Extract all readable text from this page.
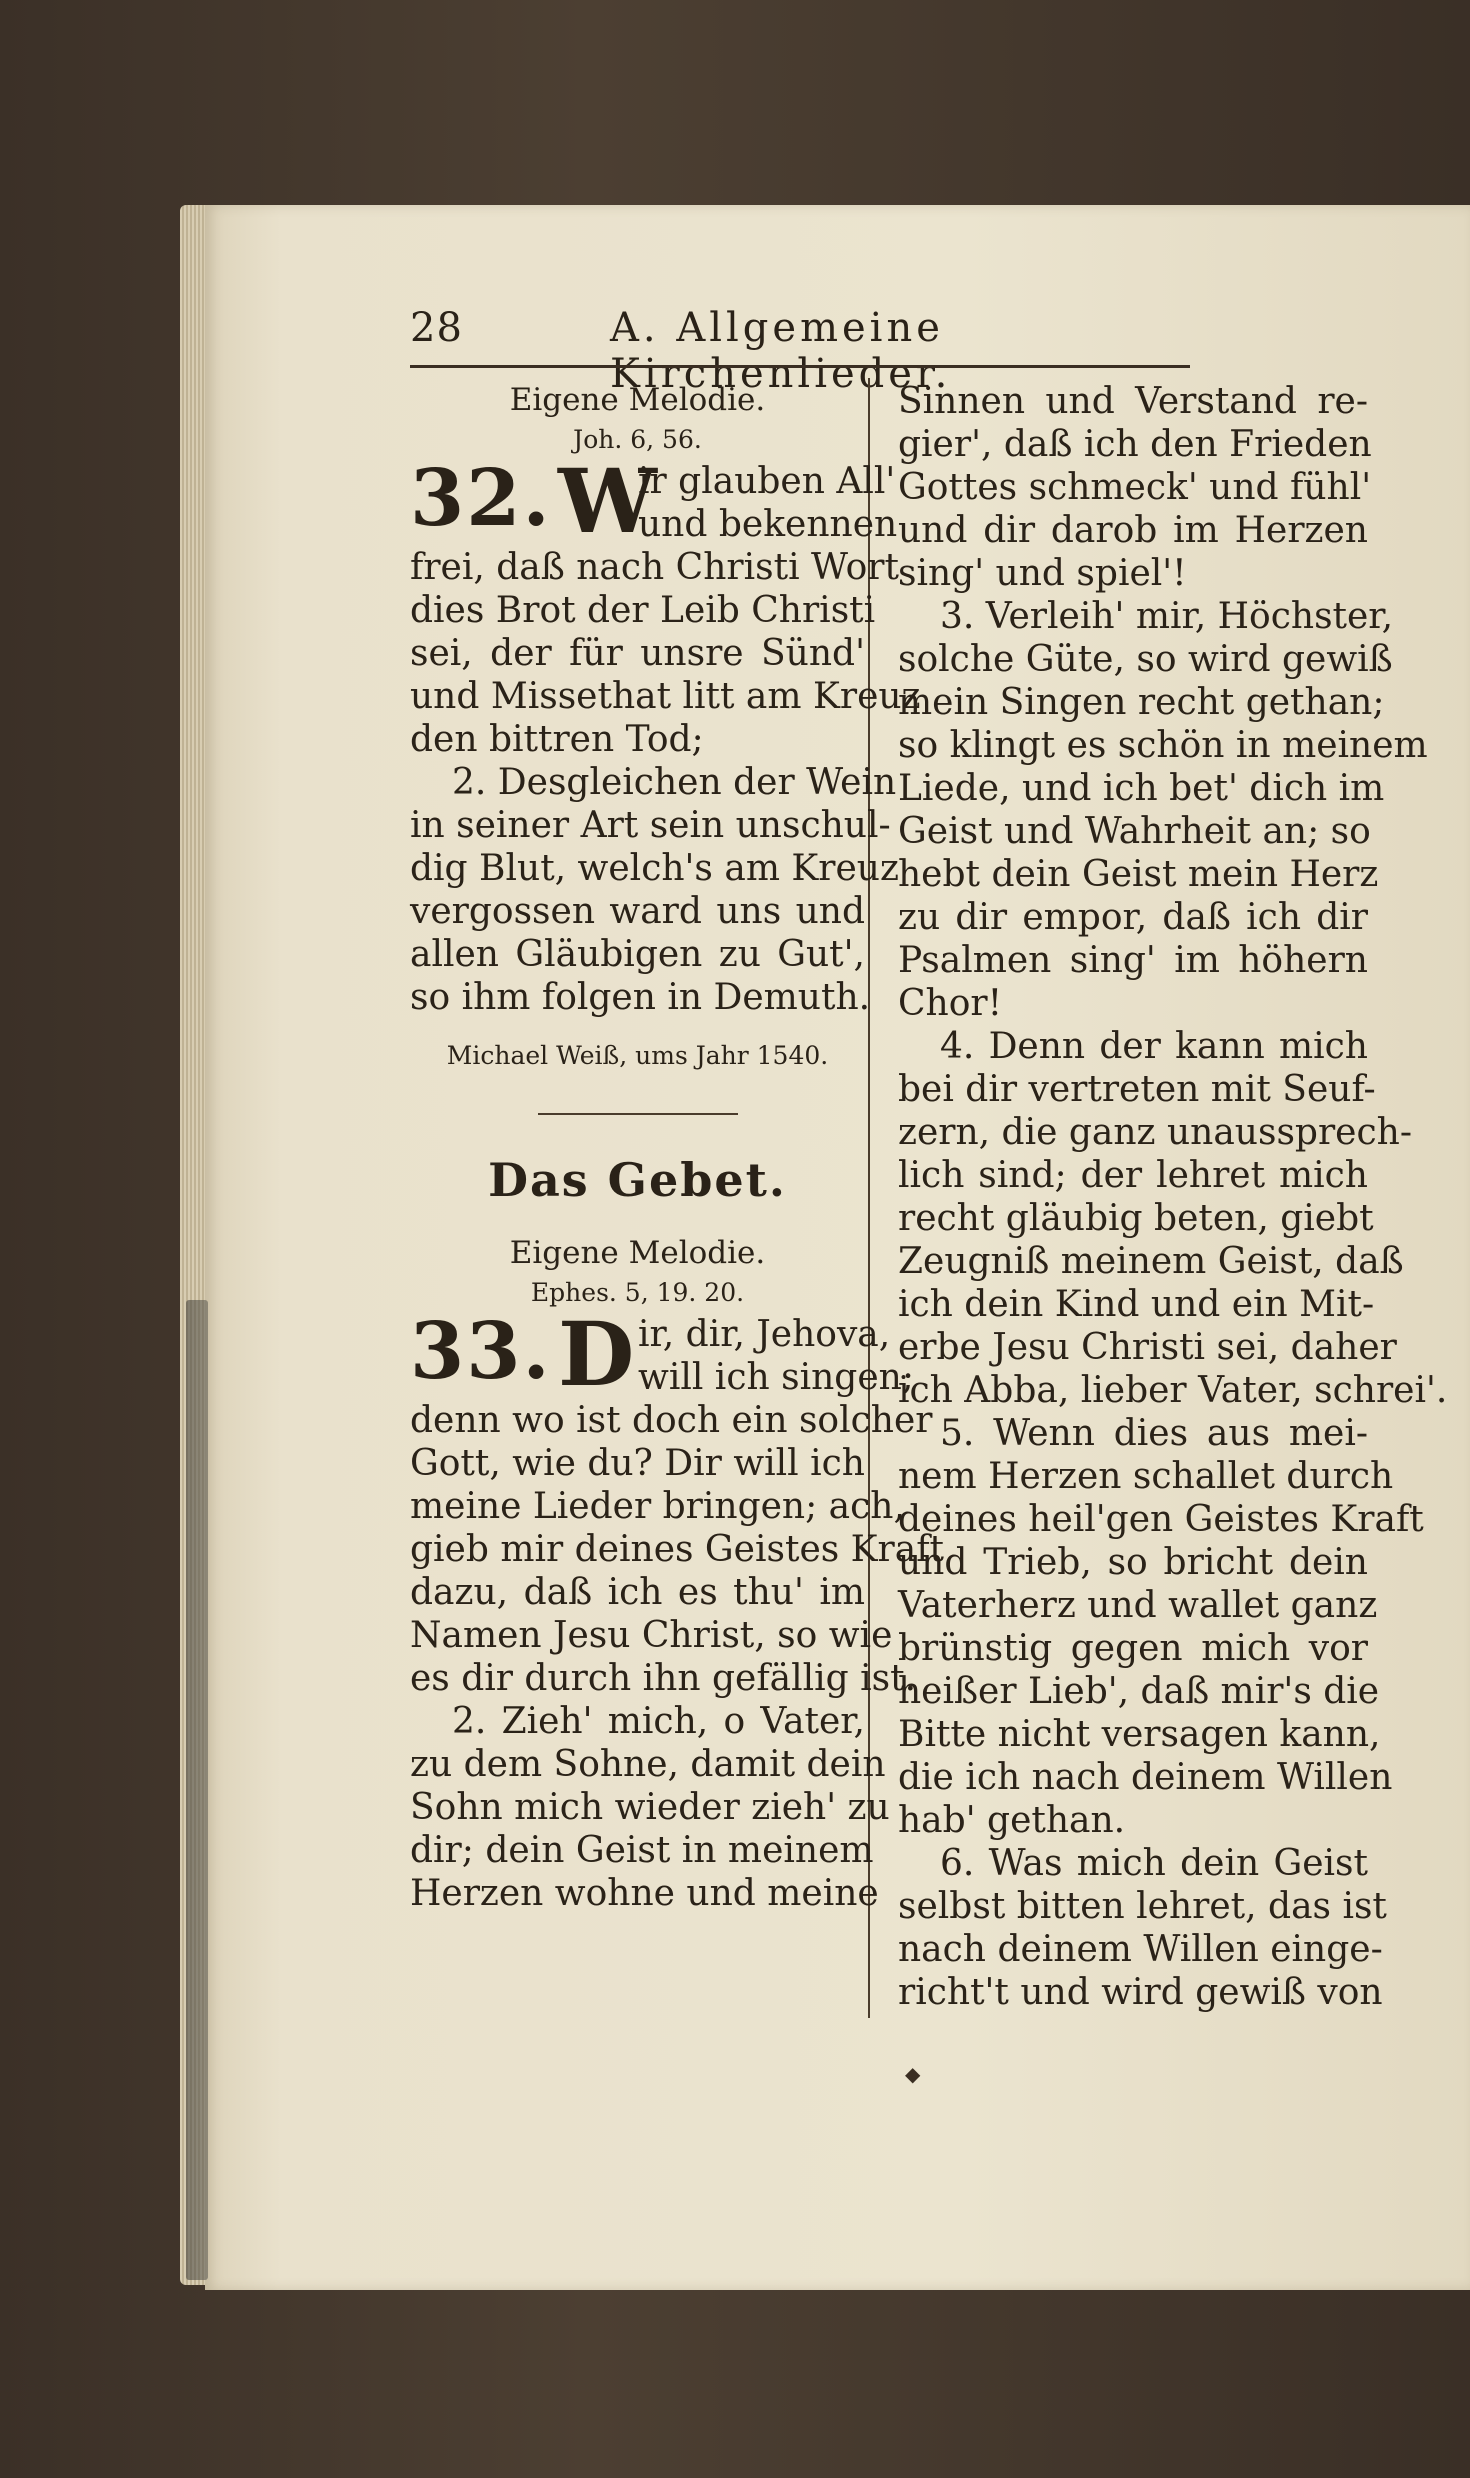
28	A. Allgemeine Kirchenlieder.
Eigene Melodie.
Joh. 6, 56.
32. W
ir glauben All'
und bekennen
frei, daß nach Christi Wort
dies Brot der Leib Christi
sei, der für unsre Sünd'
und Missethat litt am Kreuz
den bittren Tod;
2. Desgleichen der Wein
in seiner Art sein unschul-
dig Blut, welch's am Kreuz
vergossen ward uns und
allen Gläubigen zu Gut',
so ihm folgen in Demuth.
Michael Weiß, ums Jahr 1540.
Das Gebet.
Eigene Melodie.
Ephes. 5, 19. 20.
33. D ir, dir, Jehova,
will ich singen;
denn wo ist doch ein solcher
Gott, wie du? Dir will ich
meine Lieder bringen; ach,
gieb mir deines Geistes Kraft
dazu, daß ich es thu' im
Namen Jesu Christ, so wie
es dir durch ihn gefällig ist.
2. Zieh' mich, o Vater,
zu dem Sohne, damit dein
Sohn mich wieder zieh' zu
dir; dein Geist in meinem
Herzen wohne und meine
Sinnen und Verstand re-
gier', daß ich den Frieden
Gottes schmeck' und fühl'
und dir darob im Herzen
sing' und spiel'!
3. Verleih' mir, Höchster,
solche Güte, so wird gewiß
mein Singen recht gethan;
so klingt es schön in meinem
Liede, und ich bet' dich im
Geist und Wahrheit an; so
hebt dein Geist mein Herz
zu dir empor, daß ich dir
Psalmen sing' im höhern
Chor!
4. Denn der kann mich
bei dir vertreten mit Seuf-
zern, die ganz unaussprech-
lich sind; der lehret mich
recht gläubig beten, giebt
Zeugniß meinem Geist, daß
ich dein Kind und ein Mit-
erbe Jesu Christi sei, daher
ich Abba, lieber Vater, schrei'.
5. Wenn dies aus mei-
nem Herzen schallet durch
deines heil'gen Geistes Kraft
und Trieb, so bricht dein
Vaterherz und wallet ganz
brünstig gegen mich vor
heißer Lieb', daß mir's die
Bitte nicht versagen kann,
die ich nach deinem Willen
hab' gethan.
6. Was mich dein Geist
selbst bitten lehret, das ist
nach deinem Willen einge-
richt't und wird gewiß von
◆
